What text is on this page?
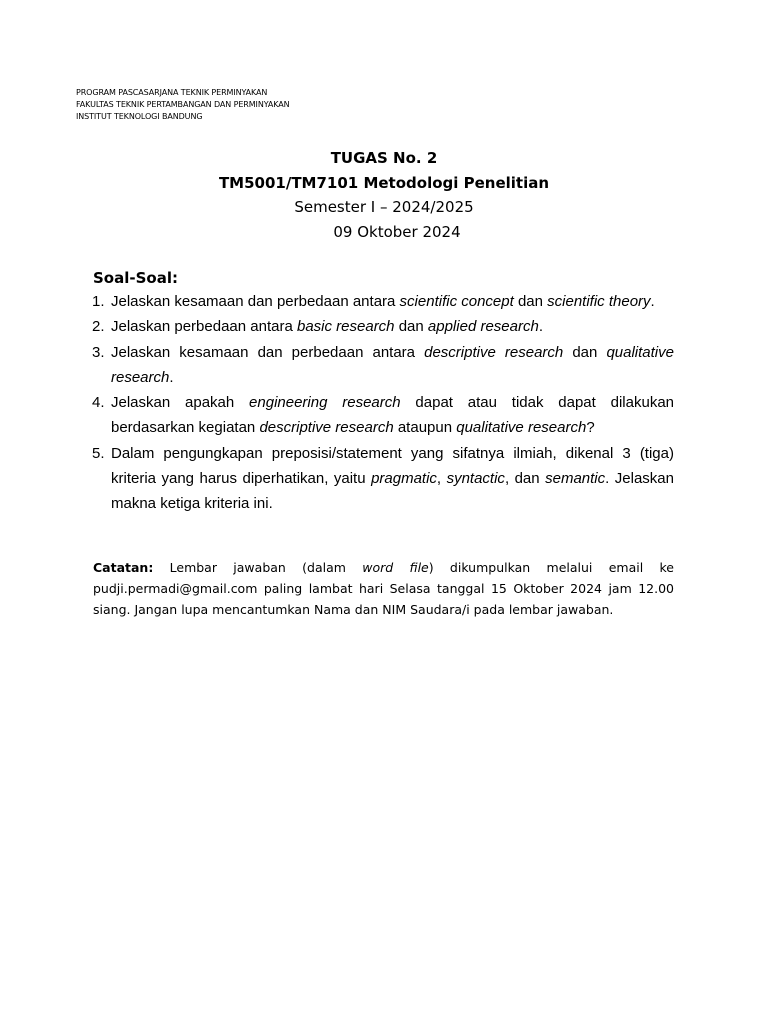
PROGRAM PASCASARJANA TEKNIK PERMINYAKAN
FAKULTAS TEKNIK PERTAMBANGAN DAN PERMINYAKAN
INSTITUT TEKNOLOGI BANDUNG
TUGAS No. 2
TM5001/TM7101 Metodologi Penelitian
Semester I – 2024/2025
09 Oktober 2024
Soal-Soal:
1. Jelaskan kesamaan dan perbedaan antara scientific concept dan scientific theory.
2. Jelaskan perbedaan antara basic research dan applied research.
3. Jelaskan kesamaan dan perbedaan antara descriptive research dan qualitative research.
4. Jelaskan apakah engineering research dapat atau tidak dapat dilakukan berdasarkan kegiatan descriptive research ataupun qualitative research?
5. Dalam pengungkapan preposisi/statement yang sifatnya ilmiah, dikenal 3 (tiga) kriteria yang harus diperhatikan, yaitu pragmatic, syntactic, dan semantic. Jelaskan makna ketiga kriteria ini.
Catatan: Lembar jawaban (dalam word file) dikumpulkan melalui email ke pudji.permadi@gmail.com paling lambat hari Selasa tanggal 15 Oktober 2024 jam 12.00 siang. Jangan lupa mencantumkan Nama dan NIM Saudara/i pada lembar jawaban.
